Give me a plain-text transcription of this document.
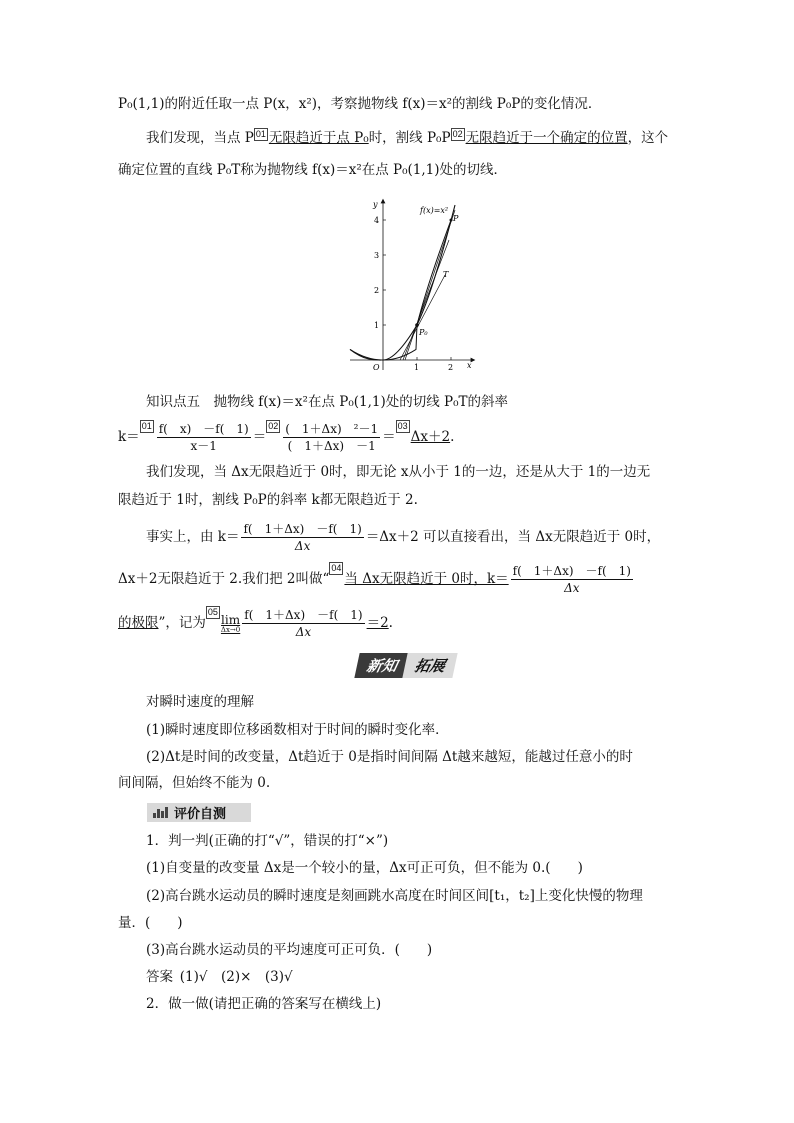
P₀(1,1)的附近任取一点 P(x，x²)，考察抛物线 f(x)＝x²的割线 P₀P的变化情况．
我们发现，当点 P 01 无限趋近于点 P₀时，割线 P₀P 02 无限趋近于一个确定的位置，这个
确定位置的直线 P₀T称为抛物线 f(x)＝x²在点 P₀(1,1)处的切线．
f(x)=x²
y
x
O
P
T
P₀
1
2
3
4
1	2
知识点五　抛物线 f(x)＝x²在点 P₀(1,1)处的切线 P₀T的斜率
$k=01 \frac{f( x) -f( 1)}{x-1} =02 \frac{\text{(　1＋Δx)　²－1}}{( 1+\Delta x) -1} =03\Delta x+2$.
我们发现，当 Δx无限趋近于 0时，即无论 x从小于 1的一边，还是从大于 1的一边无
限趋近于 1时，割线 P₀P的斜率 k都无限趋近于 2.
事实上，由 $k= \frac{f( 1+\Delta x) -f( 1)}{\Delta x} =\Delta x+2$ 可以直接看出，当 Δx无限趋近于 0时，
Δx＋2无限趋近于 2.我们把 2叫做“04当 Δx无限趋近于 0时，$k= \frac{f( 1+\Delta x) -f( 1)}{\Delta x}$
的极限”，记为05
lim
$\Delta x\to 0 \frac{f( 1+\Delta x) -f( 1)}{\Delta x} =2$.
新知 拓展
对瞬时速度的理解
(1)瞬时速度即位移函数相对于时间的瞬时变化率．
(2)Δt是时间的改变量，Δt趋近于 0是指时间间隔 Δt越来越短，能越过任意小的时
间间隔，但始终不能为 0.
评价自测
1．判一判(正确的打“√”，错误的打“×”)
(1)自变量的改变量 Δx是一个较小的量，Δx可正可负，但不能为 0.(　　)
(2)高台跳水运动员的瞬时速度是刻画跳水高度在时间区间[t₁，t₂]上变化快慢的物理
量．(　　)
(3)高台跳水运动员的平均速度可正可负．(　　)
答案  (1)√　(2)×　(3)√
2．做一做(请把正确的答案写在横线上)
